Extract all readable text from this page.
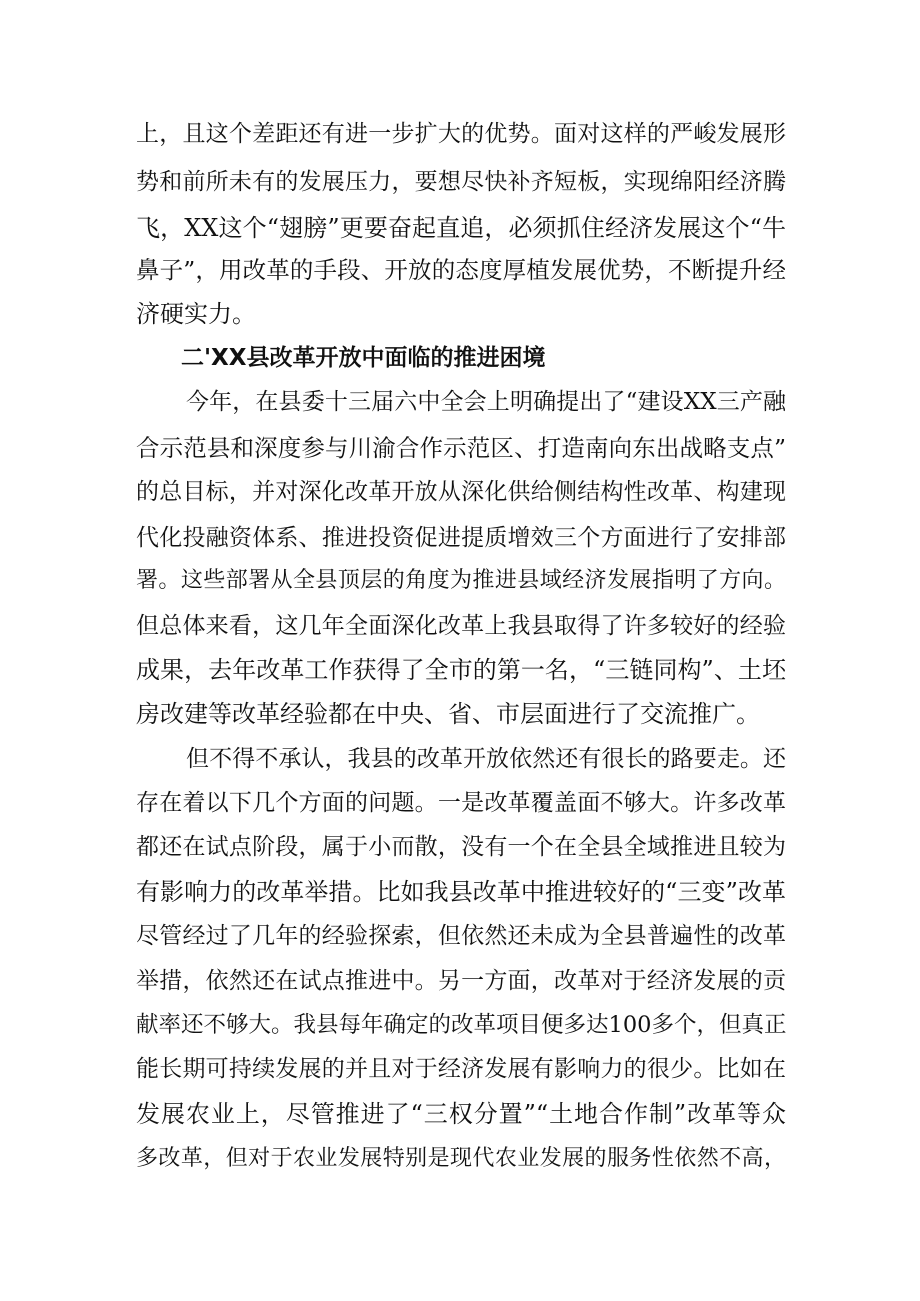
上，且这个差距还有进一步扩大的优势。面对这样的严峻发展形
势和前所未有的发展压力，要想尽快补齐短板，实现绵阳经济腾
飞，XX这个“翅膀”更要奋起直追，必须抓住经济发展这个“牛
鼻子”，用改革的手段、开放的态度厚植发展优势，不断提升经
济硬实力。
二'XX县改革开放中面临的推进困境
今年，在县委十三届六中全会上明确提出了“建设XX三产融
合示范县和深度参与川渝合作示范区、打造南向东出战略支点”
的总目标，并对深化改革开放从深化供给侧结构性改革、构建现
代化投融资体系、推进投资促进提质增效三个方面进行了安排部
署。这些部署从全县顶层的角度为推进县域经济发展指明了方向。
但总体来看，这几年全面深化改革上我县取得了许多较好的经验
成果，去年改革工作获得了全市的第一名，“三链同构”、土坯
房改建等改革经验都在中央、省、市层面进行了交流推广。
但不得不承认，我县的改革开放依然还有很长的路要走。还
存在着以下几个方面的问题。一是改革覆盖面不够大。许多改革
都还在试点阶段，属于小而散，没有一个在全县全域推进且较为
有影响力的改革举措。比如我县改革中推进较好的“三变”改革
尽管经过了几年的经验探索，但依然还未成为全县普遍性的改革
举措，依然还在试点推进中。另一方面，改革对于经济发展的贡
献率还不够大。我县每年确定的改革项目便多达100多个，但真正
能长期可持续发展的并且对于经济发展有影响力的很少。比如在
发展农业上，尽管推进了“三权分置”“土地合作制”改革等众
多改革，但对于农业发展特别是现代农业发展的服务性依然不高，
